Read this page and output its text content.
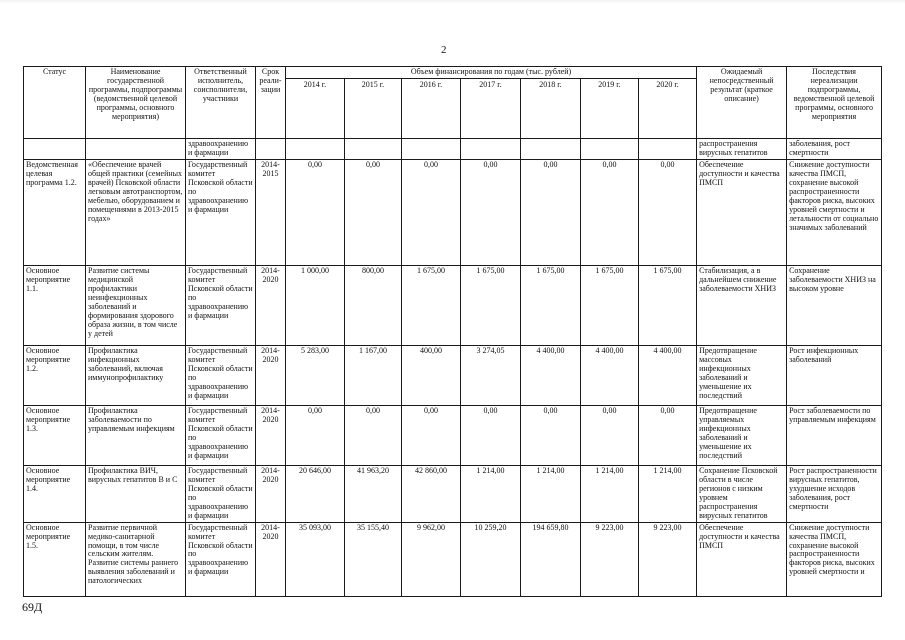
2
Статус	Наименование государственной программы, подпрограммы (ведомственной целевой программы, основного мероприятия)	Ответственный исполнитель, соисполнители, участники	Срок реали-зации	Объем финансирования по годам (тыс. рублей)							Ожидаемый непосредственный результат (краткое описание)	Последствия нереализации подпрограммы, ведомственной целевой программы, основного мероприятия
				2014 г.	2015 г.	2016 г.	2017 г.	2018 г.	2019 г.	2020 г.		
		здравоохранению и фармации									распространения вирусных гепатитов	заболевания, рост смертности
Ведомственная целевая программа 1.2.	«Обеспечение врачей общей практики (семейных врачей) Псковской области легковым автотранспортом, мебелью, оборудованием и помещениями в 2013-2015 годах»	Государственный комитет Псковской области по здравоохранению и фармации	2014-2015	0,00	0,00	0,00	0,00	0,00	0,00	0,00	Обеспечение доступности и качества ПМСП	Снижение доступности качества ПМСП, сохранение высокой распространенности факторов риска, высоких уровней смертности и летальности от социально значимых заболеваний
Основное мероприятие 1.1.	Развитие системы медицинской профилактики неинфекционных заболеваний и формирования здорового образа жизни, в том числе у детей	Государственный комитет Псковской области по здравоохранению и фармации	2014-2020	1 000,00	800,00	1 675,00	1 675,00	1 675,00	1 675,00	1 675,00	Стабилизация, а в дальнейшем снижение заболеваемости ХНИЗ	Сохранение заболеваемости ХНИЗ на высоком уровне
Основное мероприятие 1.2.	Профилактика инфекционных заболеваний, включая иммунопрофилактику	Государственный комитет Псковской области по здравоохранению и фармации	2014-2020	5 283,00	1 167,00	400,00	3 274,05	4 400,00	4 400,00	4 400,00	Предотвращение массовых инфекционных заболеваний и уменьшение их последствий	Рост инфекционных заболеваний
Основное мероприятие 1.3.	Профилактика заболеваемости по управляемым инфекциям	Государственный комитет Псковской области по здравоохранению и фармации	2014-2020	0,00	0,00	0,00	0,00	0,00	0,00	0,00	Предотвращение управляемых инфекционных заболеваний и уменьшение их последствий	Рост заболеваемости по управляемым инфекциям
Основное мероприятие 1.4.	Профилактика ВИЧ, вирусных гепатитов В и С	Государственный комитет Псковской области по здравоохранению и фармации	2014-2020	20 646,00	41 963,20	42 860,00	1 214,00	1 214,00	1 214,00	1 214,00	Сохранение Псковской области в числе регионов с низким уровнем распространения вирусных гепатитов	Рост распространенности вирусных гепатитов, ухудшение исходов заболевания, рост смертности
Основное мероприятие 1.5.	Развитие первичной медико-санитарной помощи, в том числе сельским жителям. Развитие системы раннего выявления заболеваний и патологических	Государственный комитет Псковской области по здравоохранению и фармации	2014-2020	35 093,00	35 155,40	9 962,00	10 259,20	194 659,80	9 223,00	9 223,00	Обеспечение доступности и качества ПМСП	Снижение доступности качества ПМСП, сохранение высокой распространенности факторов риска, высоких уровней смертности и
69Д
